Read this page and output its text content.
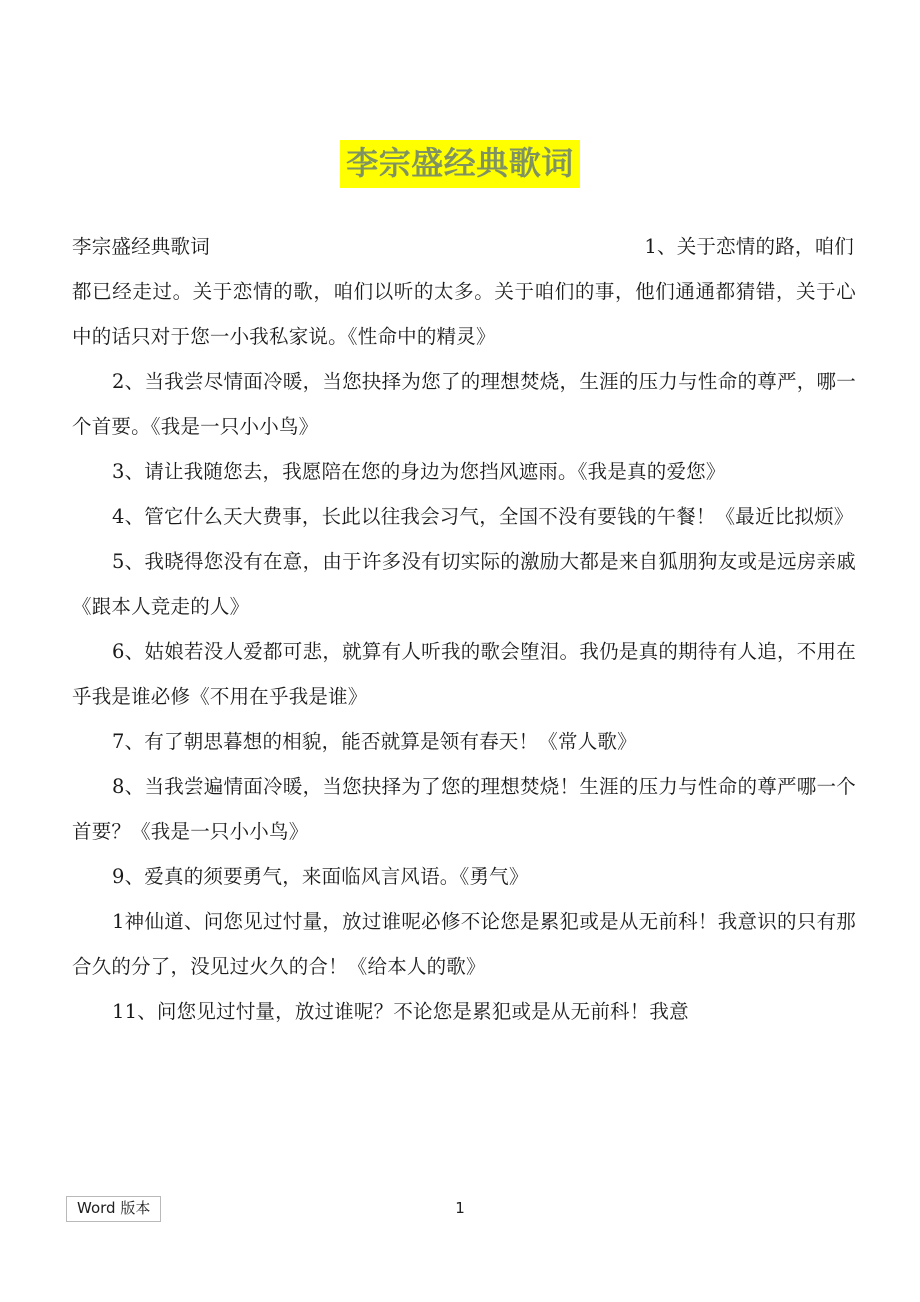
李宗盛经典歌词
李宗盛经典歌词	1、关于恋情的路，咱们

都已经走过。关于恋情的歌，咱们以听的太多。关于咱们的事，他们通通都猜错，关于心中的话只对于您一小我私家说。《性命中的精灵》

2、当我尝尽情面冷暖，当您抉择为您了的理想焚烧，生涯的压力与性命的尊严，哪一个首要。《我是一只小小鸟》

3、请让我随您去，我愿陪在您的身边为您挡风遮雨。《我是真的爱您》

4、管它什么天大费事，长此以往我会习气，全国不没有要钱的午餐！《最近比拟烦》

5、我晓得您没有在意，由于许多没有切实际的激励大都是来自狐朋狗友或是远房亲戚《跟本人竞走的人》

6、姑娘若没人爱都可悲，就算有人听我的歌会堕泪。我仍是真的期待有人追，不用在乎我是谁必修《不用在乎我是谁》

7、有了朝思暮想的相貌，能否就算是领有春天！《常人歌》

8、当我尝遍情面冷暖，当您抉择为了您的理想焚烧！生涯的压力与性命的尊严哪一个首要？《我是一只小小鸟》

9、爱真的须要勇气，来面临风言风语。《勇气》

1神仙道、问您见过忖量，放过谁呢必修不论您是累犯或是从无前科！我意识的只有那合久的分了，没见过火久的合！《给本人的歌》

11、问您见过忖量，放过谁呢？不论您是累犯或是从无前科！我意

Word 版本	1
